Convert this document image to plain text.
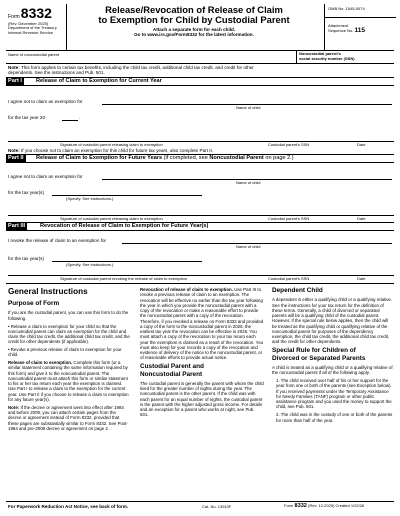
Form 8332
(Rev. December 2025)
Department of the Treasury
Internal Revenue Service
Release/Revocation of Release of Claim
to Exemption for Child by Custodial Parent
Attach a separate form for each child.
Go to www.irs.gov/Form8332 for the latest information.
OMB No. 1545-0074
Attachment
Sequence No. 115
Name of noncustodial parent	Noncustodial parent's
social security number (SSN)
Note: This form applies to certain tax benefits, including the child tax credit, additional child tax credit, and credit for other
dependents. See the instructions and Pub. 501.
Part I	Release of Claim to Exemption for Current Year
I agree not to claim an exemption for
Name of child
for the tax year 20	.
Signature of custodial parent releasing claim to exemption	Custodial parent's SSN	Date
Note: If you choose not to claim an exemption for this child for future tax years, also complete Part II.
Part II	Release of Claim to Exemption for Future Years (if completed, see Noncustodial Parent on page 2.)
I agree not to claim an exemption for
Name of child
for the tax year(s)
(Specify. See instructions.)
Signature of custodial parent releasing claim to exemption	Custodial parent's SSN	Date
Part III	Revocation of Release of Claim to Exemption for Future Year(s)
I revoke the release of claim to an exemption for
Name of child
for the tax year(s)
(Specify. See instructions.)
Signature of custodial parent revoking the release of claim to exemption	Custodial parent's SSN	Date
General Instructions
Purpose of Form
If you are the custodial parent, you can use this form to do the following.
• Release a claim to exemption for your child so that the noncustodial parent can claim an exemption for the child and claim the child tax credit, the additional child tax credit, and the credit for other dependents (if applicable).
• Revoke a previous release of claim to exemption for your child.
Release of claim to exemption. Complete this form (or a similar statement containing the same information required by this form) and give it to the noncustodial parent. The noncustodial parent must attach this form or similar statement to his or her tax return each year the exemption is claimed. Use Part I to release a claim to the exemption for the current year. Use Part II if you choose to release a claim to exemption for any future year(s).
Note: If the decree or agreement went into effect after 1984 and before 2009, you can attach certain pages from the decree or agreement instead of Form 8332, provided that these pages are substantially similar to Form 8332. See Post-1984 and pre-2009 decree or agreement on page 2.
Revocation of release of claim to exemption. Use Part III to revoke a previous release of claim to an exemption. The revocation will be effective no earlier than the tax year following the year in which you provide the noncustodial parent with a copy of the revocation or make a reasonable effort to provide the noncustodial parent with a copy of the revocation. Therefore, if you revoked a release on Form 8332 and provided a copy of the form to the noncustodial parent in 2025, the earliest tax year the revocation can be effective is 2026. You must attach a copy of the revocation to your tax return each year the exemption is claimed as a result of the revocation. You must also keep for your records a copy of the revocation and evidence of delivery of the notice to the noncustodial parent, or of reasonable efforts to provide actual notice.
Custodial Parent and
Noncustodial Parent
The custodial parent is generally the parent with whom the child lived for the greater number of nights during the year. The noncustodial parent is the other parent. If the child was with each parent for an equal number of nights, the custodial parent is the parent with the higher adjusted gross income. For details and an exception for a parent who works at night, see Pub. 501.
Dependent Child
A dependent is either a qualifying child or a qualifying relative. See the instructions for your tax return for the definition of these terms. Generally, a child of divorced or separated parents will be a qualifying child of the custodial parent. However, if the special rule below applies, then the child will be treated as the qualifying child or qualifying relative of the noncustodial parent for purposes of the dependency exemption, the child tax credit, the additional child tax credit, and the credit for other dependents.
Special Rule for Children of
Divorced or Separated Parents
A child is treated as a qualifying child or a qualifying relative of the noncustodial parent if all of the following apply.
1. The child received over half of his or her support for the year from one or both of the parents (see Exception below). If you received payments under the Temporary Assistance for Needy Families (TANF) program or other public assistance program and you used the money to support the child, see Pub. 501.
2. The child was in the custody of one or both of the parents for more than half of the year.
For Paperwork Reduction Act Notice, see back of form.	Cat. No. 13910F	Form 8332 (Rev. 12-2025) Created 1/22/26
